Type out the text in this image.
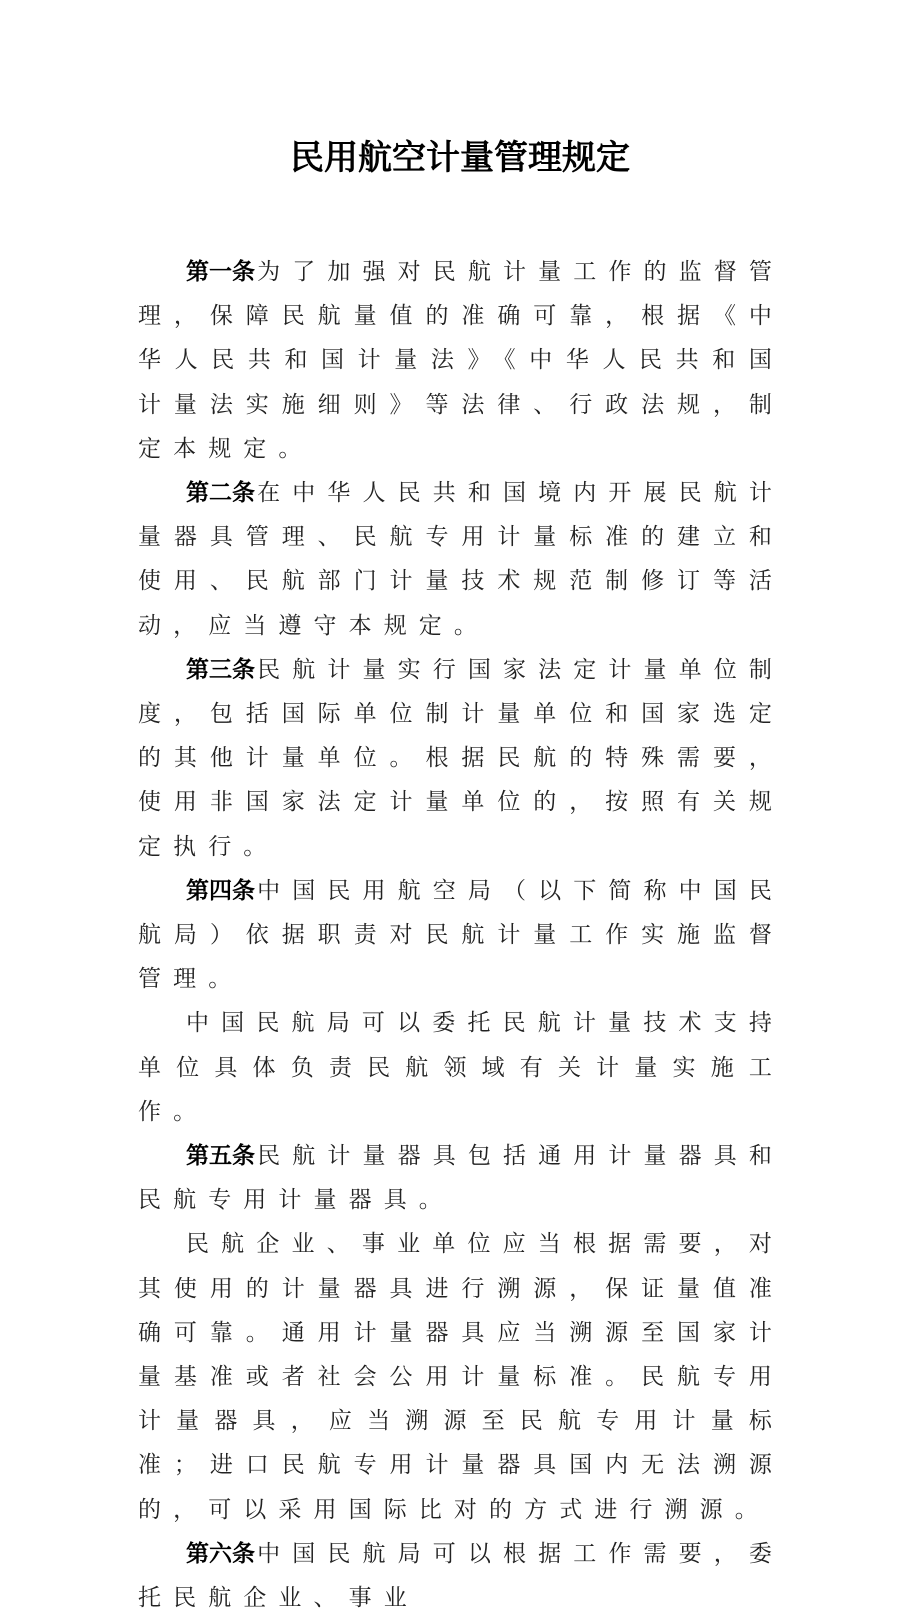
民用航空计量管理规定

第一条为了加强对民航计量工作的监督管理，保障民航量值的准确可靠，根据《中华人民共和国计量法》《中华人民共和国计量法实施细则》等法律、行政法规，制定本规定。

第二条在中华人民共和国境内开展民航计量器具管理、民航专用计量标准的建立和使用、民航部门计量技术规范制修订等活动，应当遵守本规定。

第三条民航计量实行国家法定计量单位制度，包括国际单位制计量单位和国家选定的其他计量单位。根据民航的特殊需要，使用非国家法定计量单位的，按照有关规定执行。

第四条中国民用航空局（以下简称中国民航局）依据职责对民航计量工作实施监督管理。

中国民航局可以委托民航计量技术支持单位具体负责民航领域有关计量实施工作。

第五条民航计量器具包括通用计量器具和民航专用计量器具。

民航企业、事业单位应当根据需要，对其使用的计量器具进行溯源，保证量值准确可靠。通用计量器具应当溯源至国家计量基准或者社会公用计量标准。民航专用计量器具，应当溯源至民航专用计量标准；进口民航专用计量器具国内无法溯源的，可以采用国际比对的方式进行溯源。

第六条中国民航局可以根据工作需要，委托民航企业、事业
